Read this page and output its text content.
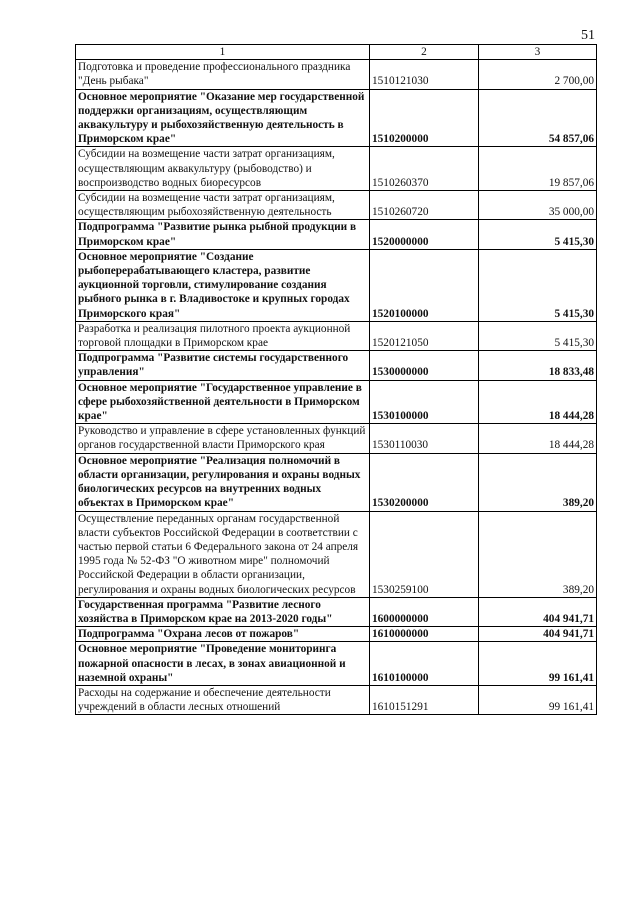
51
1	2	3
Подготовка и проведение профессионального праздника "День рыбака"	1510121030	2 700,00
Основное мероприятие "Оказание мер государственной поддержки организациям, осуществляющим аквакультуру и рыбохозяйственную деятельность в Приморском крае"	1510200000	54 857,06
Субсидии на возмещение части затрат организациям, осуществляющим аквакультуру (рыбоводство) и воспроизводство водных биоресурсов	1510260370	19 857,06
Субсидии на возмещение части затрат организациям, осуществляющим рыбохозяйственную деятельность	1510260720	35 000,00
Подпрограмма "Развитие рынка рыбной продукции в Приморском крае"	1520000000	5 415,30
Основное мероприятие "Создание рыбоперерабатывающего кластера, развитие аукционной торговли, стимулирование создания рыбного рынка в г. Владивостоке и крупных городах Приморского края"	1520100000	5 415,30
Разработка и реализация пилотного проекта аукционной торговой площадки в Приморском крае	1520121050	5 415,30
Подпрограмма "Развитие системы государственного управления"	1530000000	18 833,48
Основное мероприятие "Государственное управление в сфере рыбохозяйственной деятельности в Приморском крае"	1530100000	18 444,28
Руководство и управление в сфере установленных функций органов государственной власти Приморского края	1530110030	18 444,28
Основное мероприятие "Реализация полномочий в области организации, регулирования и охраны водных биологических ресурсов на внутренних водных объектах в Приморском крае"	1530200000	389,20
Осуществление переданных органам государственной власти субъектов Российской Федерации в соответствии с частью первой статьи 6 Федерального закона от 24 апреля 1995 года № 52-ФЗ "О животном мире" полномочий Российской Федерации в области организации, регулирования и охраны водных биологических ресурсов	1530259100	389,20
Государственная программа "Развитие лесного хозяйства в Приморском крае на 2013-2020 годы"	1600000000	404 941,71
Подпрограмма "Охрана лесов от пожаров"	1610000000	404 941,71
Основное мероприятие "Проведение мониторинга пожарной опасности в лесах, в зонах авиационной и наземной охраны"	1610100000	99 161,41
Расходы на содержание и обеспечение деятельности учреждений в области лесных отношений	1610151291	99 161,41
